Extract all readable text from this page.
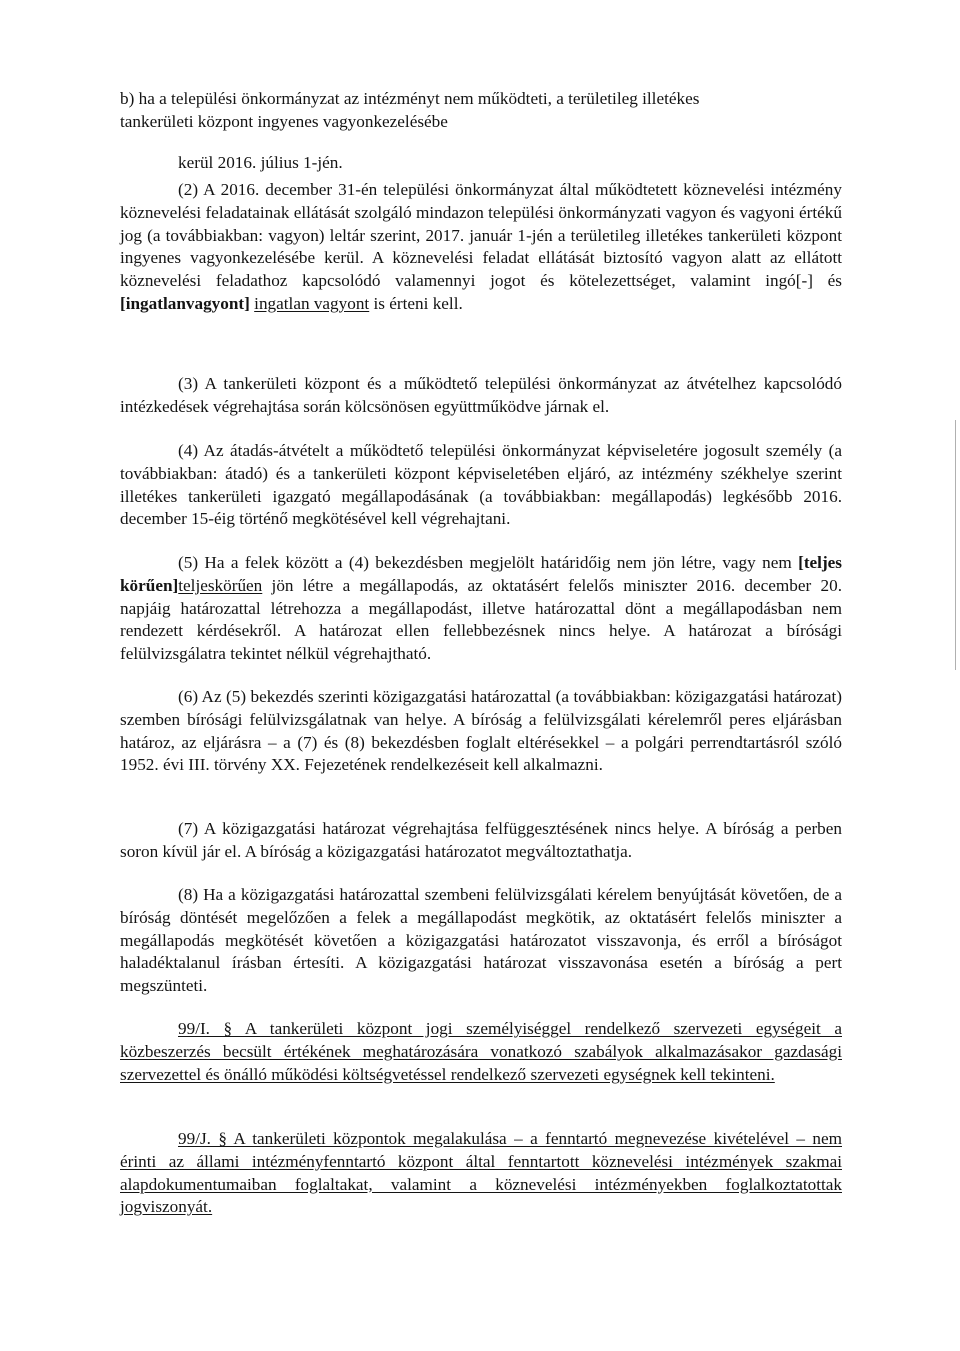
b) ha a települési önkormányzat az intézményt nem működteti, a területileg illetékes
tankerületi központ ingyenes vagyonkezelésébe

kerül 2016. július 1-jén.

(2) A 2016. december 31-én települési önkormányzat által működtetett köznevelési intézmény köznevelési feladatainak ellátását szolgáló mindazon települési önkormányzati vagyon és vagyoni értékű jog (a továbbiakban: vagyon) leltár szerint, 2017. január 1-jén a területileg illetékes tankerületi központ ingyenes vagyonkezelésébe kerül. A köznevelési feladat ellátását biztosító vagyon alatt az ellátott köznevelési feladathoz kapcsolódó valamennyi jogot és kötelezettséget, valamint ingó[-] és [ingatlanvagyont] ingatlan vagyont is érteni kell.

(3) A tankerületi központ és a működtető települési önkormányzat az átvételhez kapcsolódó intézkedések végrehajtása során kölcsönösen együttműködve járnak el.

(4) Az átadás-átvételt a működtető települési önkormányzat képviseletére jogosult személy (a továbbiakban: átadó) és a tankerületi központ képviseletében eljáró, az intézmény székhelye szerint illetékes tankerületi igazgató megállapodásának (a továbbiakban: megállapodás) legkésőbb 2016. december 15-éig történő megkötésével kell végrehajtani.

(5) Ha a felek között a (4) bekezdésben megjelölt határidőig nem jön létre, vagy nem [teljes körűen]teljeskörűen jön létre a megállapodás, az oktatásért felelős miniszter 2016. december 20. napjáig határozattal létrehozza a megállapodást, illetve határozattal dönt a megállapodásban nem rendezett kérdésekről. A határozat ellen fellebbezésnek nincs helye. A határozat a bírósági felülvizsgálatra tekintet nélkül végrehajtható.

(6) Az (5) bekezdés szerinti közigazgatási határozattal (a továbbiakban: közigazgatási határozat) szemben bírósági felülvizsgálatnak van helye. A bíróság a felülvizsgálati kérelemről peres eljárásban határoz, az eljárásra – a (7) és (8) bekezdésben foglalt eltérésekkel – a polgári perrendtartásról szóló 1952. évi III. törvény XX. Fejezetének rendelkezéseit kell alkalmazni.

(7) A közigazgatási határozat végrehajtása felfüggesztésének nincs helye. A bíróság a perben soron kívül jár el. A bíróság a közigazgatási határozatot megváltoztathatja.

(8) Ha a közigazgatási határozattal szembeni felülvizsgálati kérelem benyújtását követően, de a bíróság döntését megelőzően a felek a megállapodást megkötik, az oktatásért felelős miniszter a megállapodás megkötését követően a közigazgatási határozatot visszavonja, és erről a bíróságot haladéktalanul írásban értesíti. A közigazgatási határozat visszavonása esetén a bíróság a pert megszünteti.

99/I. § A tankerületi központ jogi személyiséggel rendelkező szervezeti egységeit a közbeszerzés becsült értékének meghatározására vonatkozó szabályok alkalmazásakor gazdasági szervezettel és önálló működési költségvetéssel rendelkező szervezeti egységnek kell tekinteni.

99/J. § A tankerületi központok megalakulása – a fenntartó megnevezése kivételével – nem érinti az állami intézményfenntartó központ által fenntartott köznevelési intézmények szakmai alapdokumentumaiban foglaltakat, valamint a köznevelési intézményekben foglalkoztatottak jogviszonyát.
